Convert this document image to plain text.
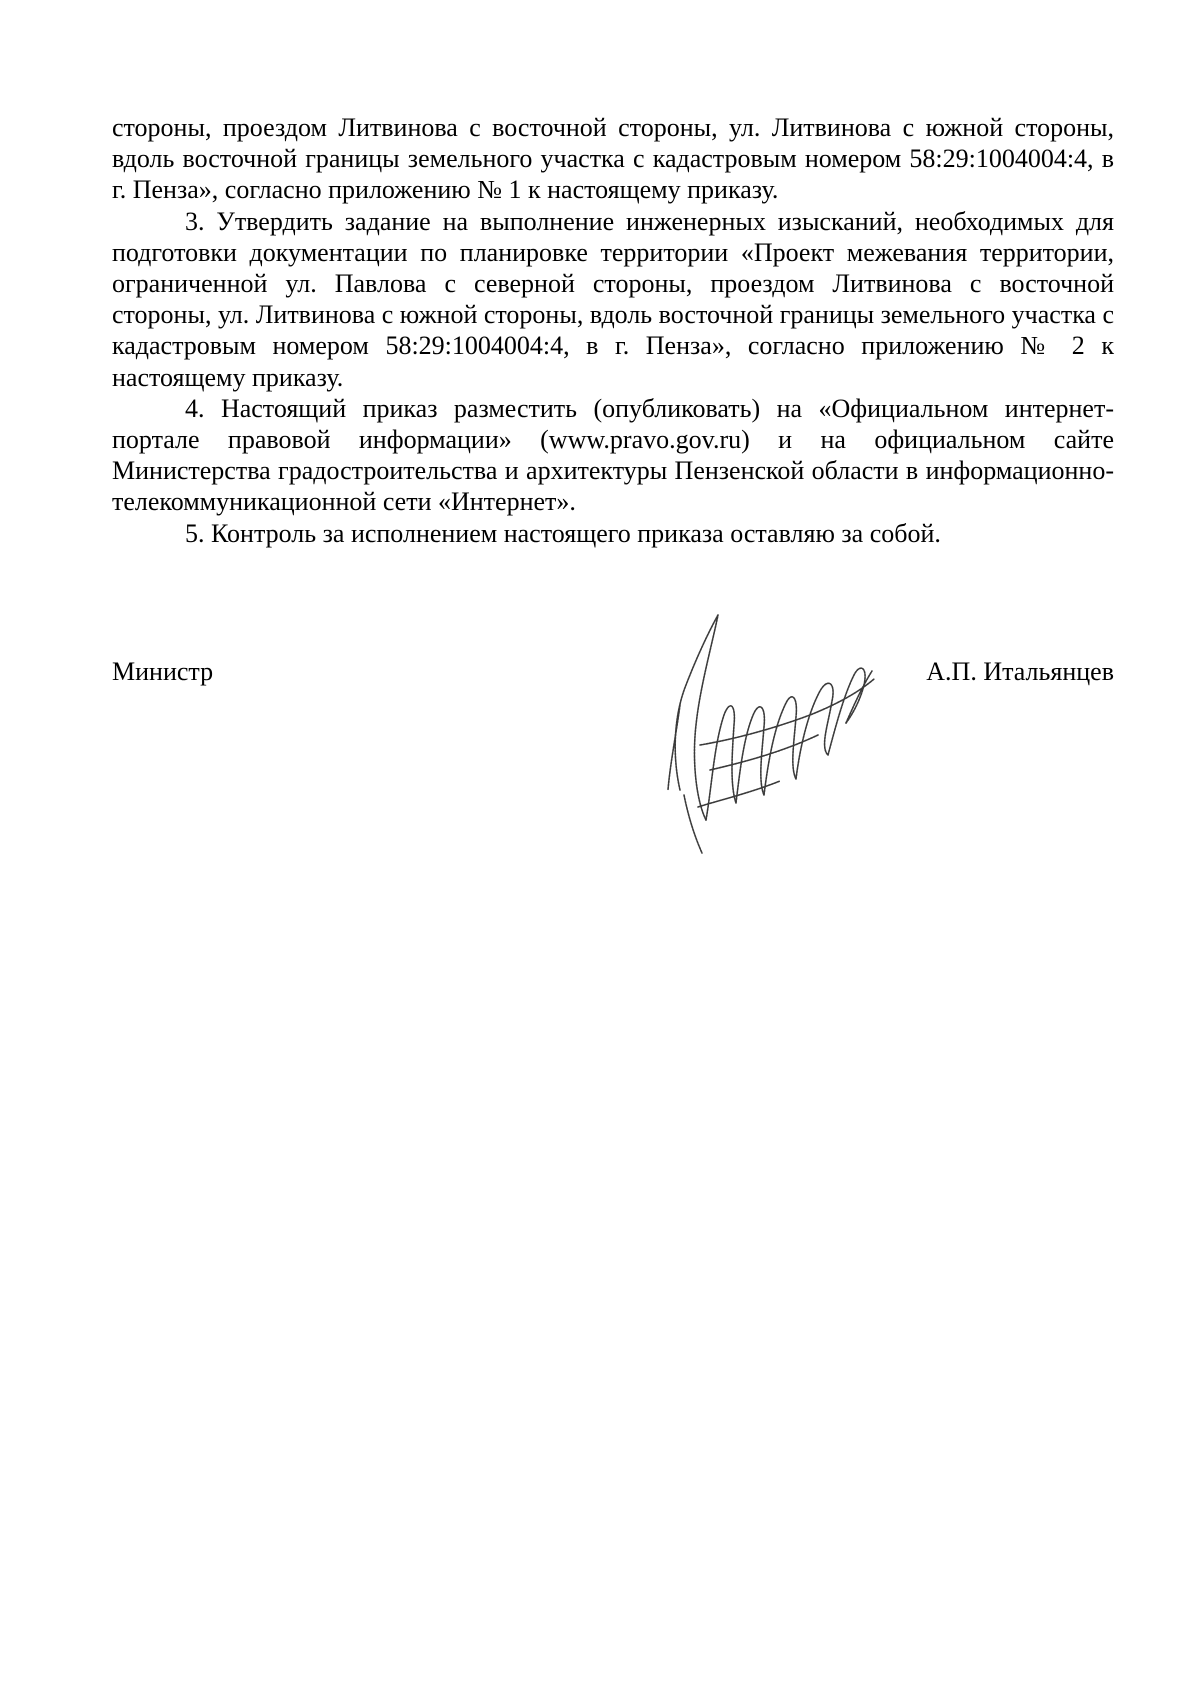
стороны, проездом Литвинова с восточной стороны, ул. Литвинова с южной стороны, вдоль восточной границы земельного участка с кадастровым номером 58:29:1004004:4, в г. Пенза», согласно приложению № 1 к настоящему приказу.

3. Утвердить задание на выполнение инженерных изысканий, необходимых для подготовки документации по планировке территории «Проект межевания территории, ограниченной ул. Павлова с северной стороны, проездом Литвинова с восточной стороны, ул. Литвинова с южной стороны, вдоль восточной границы земельного участка с кадастровым номером 58:29:1004004:4, в г. Пенза», согласно приложению № 2 к настоящему приказу.

4. Настоящий приказ разместить (опубликовать) на «Официальном интернет-портале правовой информации» (www.pravo.gov.ru) и на официальном сайте Министерства градостроительства и архитектуры Пензенской области в информационно-телекоммуникационной сети «Интернет».

5. Контроль за исполнением настоящего приказа оставляю за собой.

Министр	А.П. Итальянцев
